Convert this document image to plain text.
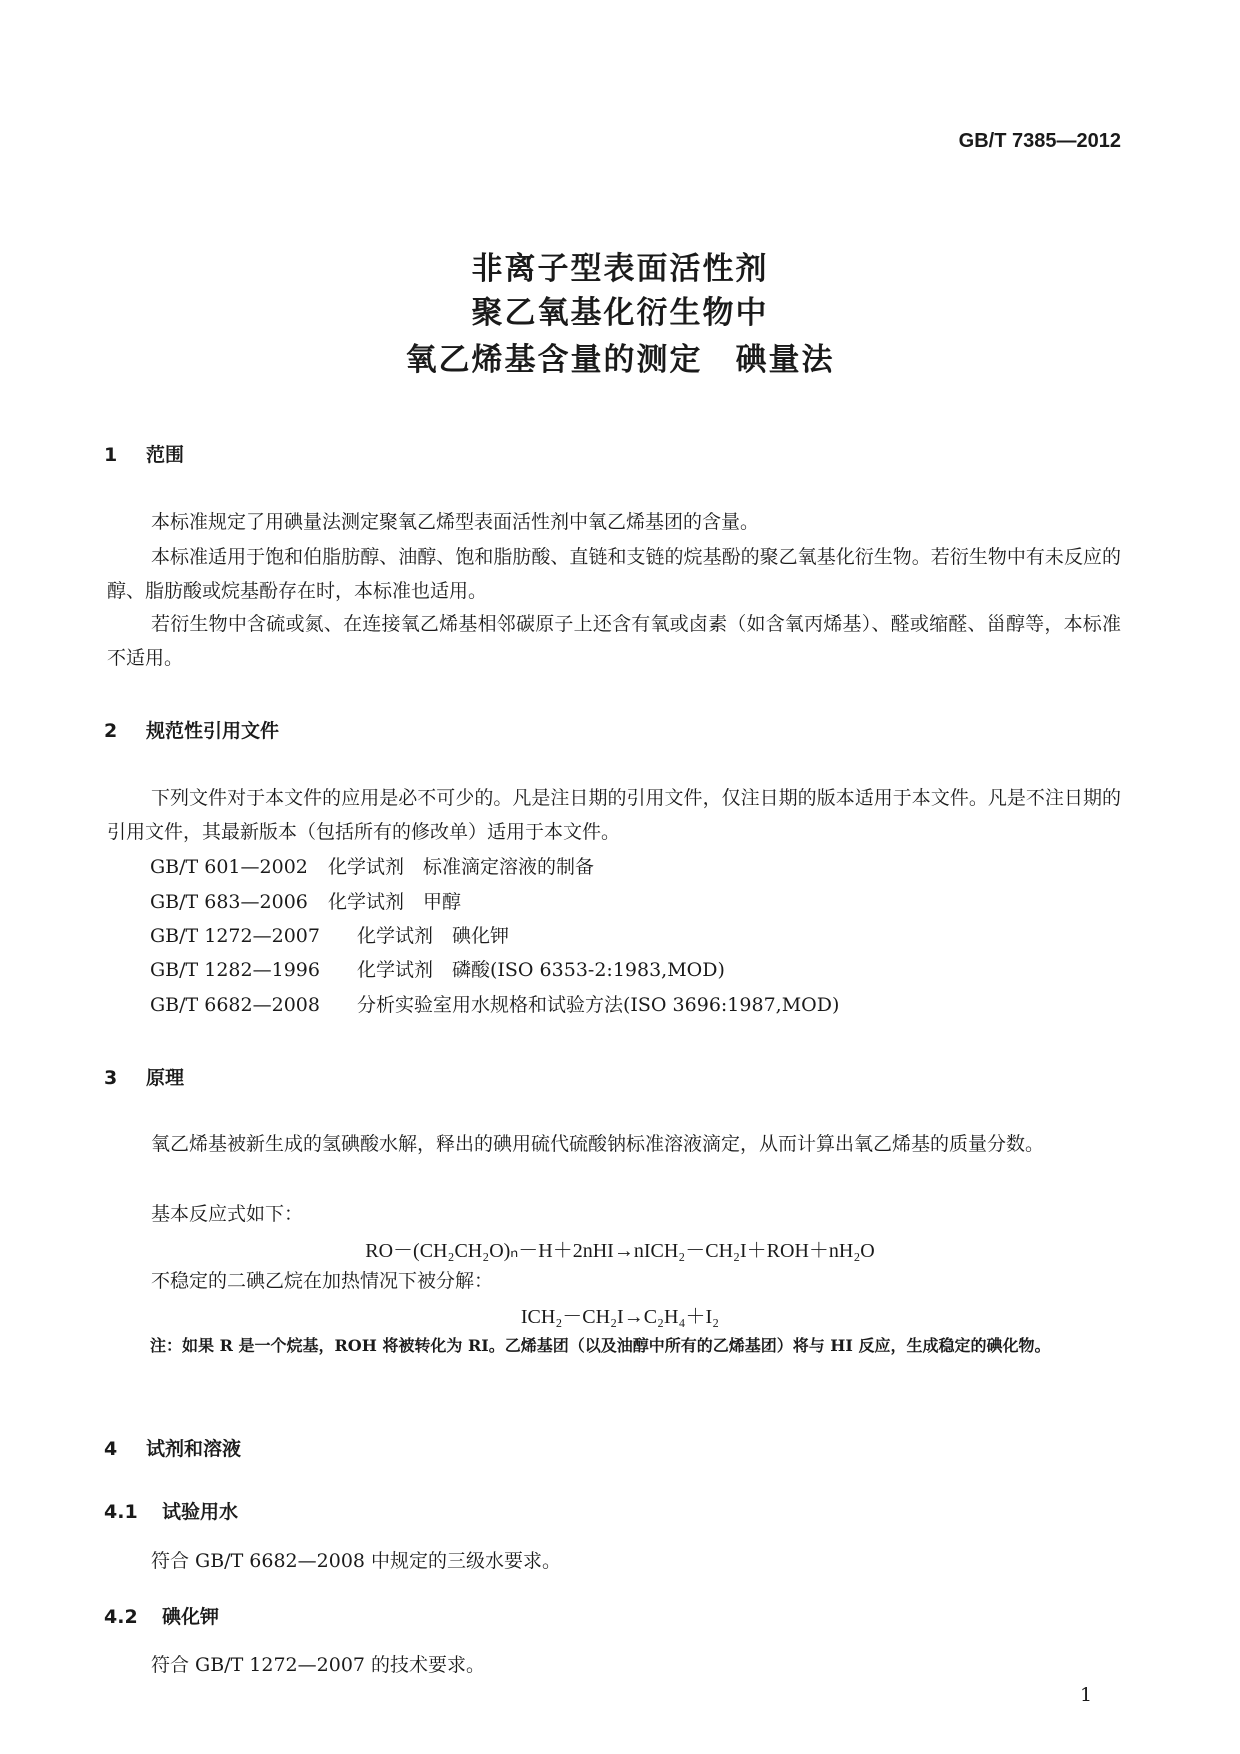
GB/T 7385—2012
非离子型表面活性剂
聚乙氧基化衍生物中
氧乙烯基含量的测定　碘量法
1 范围
本标准规定了用碘量法测定聚氧乙烯型表面活性剂中氧乙烯基团的含量。
本标准适用于饱和伯脂肪醇、油醇、饱和脂肪酸、直链和支链的烷基酚的聚乙氧基化衍生物。若衍生物中有未反应的醇、脂肪酸或烷基酚存在时，本标准也适用。
若衍生物中含硫或氮、在连接氧乙烯基相邻碳原子上还含有氧或卤素（如含氧丙烯基）、醛或缩醛、甾醇等，本标准不适用。
2 规范性引用文件
下列文件对于本文件的应用是必不可少的。凡是注日期的引用文件，仅注日期的版本适用于本文件。凡是不注日期的引用文件，其最新版本（包括所有的修改单）适用于本文件。
GB/T 601—2002 化学试剂　标准滴定溶液的制备
GB/T 683—2006 化学试剂　甲醇
GB/T 1272—2007 化学试剂　碘化钾
GB/T 1282—1996 化学试剂　磷酸(ISO 6353-2:1983,MOD)
GB/T 6682—2008 分析实验室用水规格和试验方法(ISO 3696:1987,MOD)
3 原理
氧乙烯基被新生成的氢碘酸水解，释出的碘用硫代硫酸钠标准溶液滴定，从而计算出氧乙烯基的质量分数。
基本反应式如下：
RO－(CH₂CH₂O)ₙ－H＋2nHI→nICH₂－CH₂I＋ROH＋nH₂O
不稳定的二碘乙烷在加热情况下被分解：
ICH₂－CH₂I→C₂H₄＋I₂
注：如果 R 是一个烷基，ROH 将被转化为 RI。乙烯基团（以及油醇中所有的乙烯基团）将与 HI 反应，生成稳定的碘化物。
4 试剂和溶液
4.1 试验用水
符合 GB/T 6682—2008 中规定的三级水要求。
4.2 碘化钾
符合 GB/T 1272—2007 的技术要求。
1
